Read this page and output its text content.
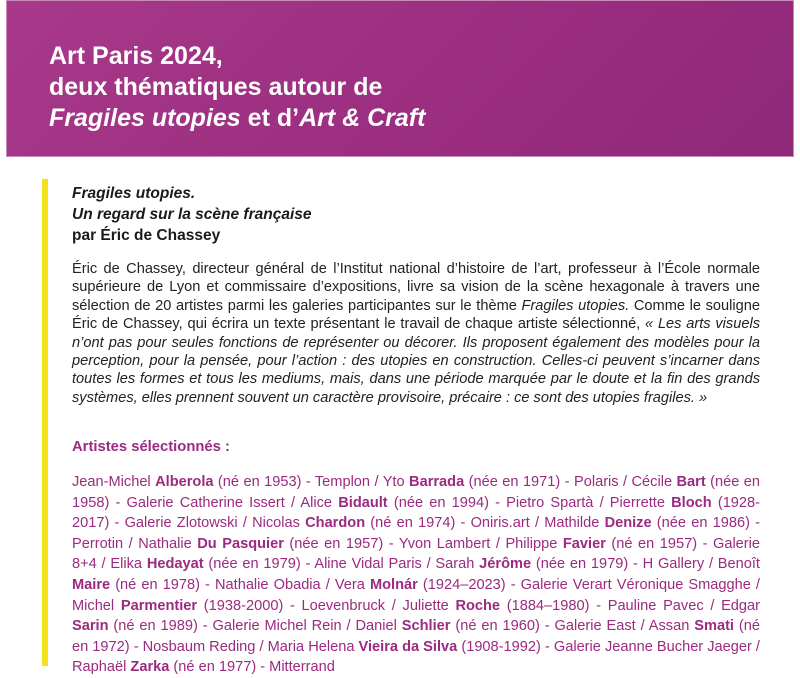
Art Paris 2024,
deux thématiques autour de
Fragiles utopies et d’Art & Craft
Fragiles utopies.
Un regard sur la scène française
par Éric de Chassey
Éric de Chassey, directeur général de l’Institut national d’histoire de l’art, professeur à l’École normale supérieure de Lyon et commissaire d’expositions, livre sa vision de la scène hexagonale à travers une sélection de 20 artistes parmi les galeries participantes sur le thème Fragiles utopies. Comme le souligne Éric de Chassey, qui écrira un texte présentant le travail de chaque artiste sélectionné, « Les arts visuels n’ont pas pour seules fonctions de représenter ou décorer. Ils proposent également des modèles pour la perception, pour la pensée, pour l’action : des utopies en construction. Celles-ci peuvent s’incarner dans toutes les formes et tous les mediums, mais, dans une période marquée par le doute et la fin des grands systèmes, elles prennent souvent un caractère provisoire, précaire : ce sont des utopies fragiles. »
Artistes sélectionnés :
Jean-Michel Alberola (né en 1953) - Templon / Yto Barrada (née en 1971) - Polaris / Cécile Bart (née en 1958) - Galerie Catherine Issert / Alice Bidault (née en 1994) - Pietro Spartà / Pierrette Bloch (1928-2017) - Galerie Zlotowski / Nicolas Chardon (né en 1974) - Oniris.art / Mathilde Denize (née en 1986) - Perrotin / Nathalie Du Pasquier (née en 1957) - Yvon Lambert / Philippe Favier (né en 1957) - Galerie 8+4 / Elika Hedayat (née en 1979) - Aline Vidal Paris / Sarah Jérôme (née en 1979) - H Gallery / Benoît Maire (né en 1978) - Nathalie Obadia / Vera Molnár (1924–2023) - Galerie Verart Véronique Smagghe / Michel Parmentier (1938-2000) - Loevenbruck / Juliette Roche (1884–1980) - Pauline Pavec / Edgar Sarin (né en 1989) - Galerie Michel Rein / Daniel Schlier (né en 1960) - Galerie East / Assan Smati (né en 1972) - Nosbaum Reding / Maria Helena Vieira da Silva (1908-1992) - Galerie Jeanne Bucher Jaeger / Raphaël Zarka (né en 1977) - Mitterrand
